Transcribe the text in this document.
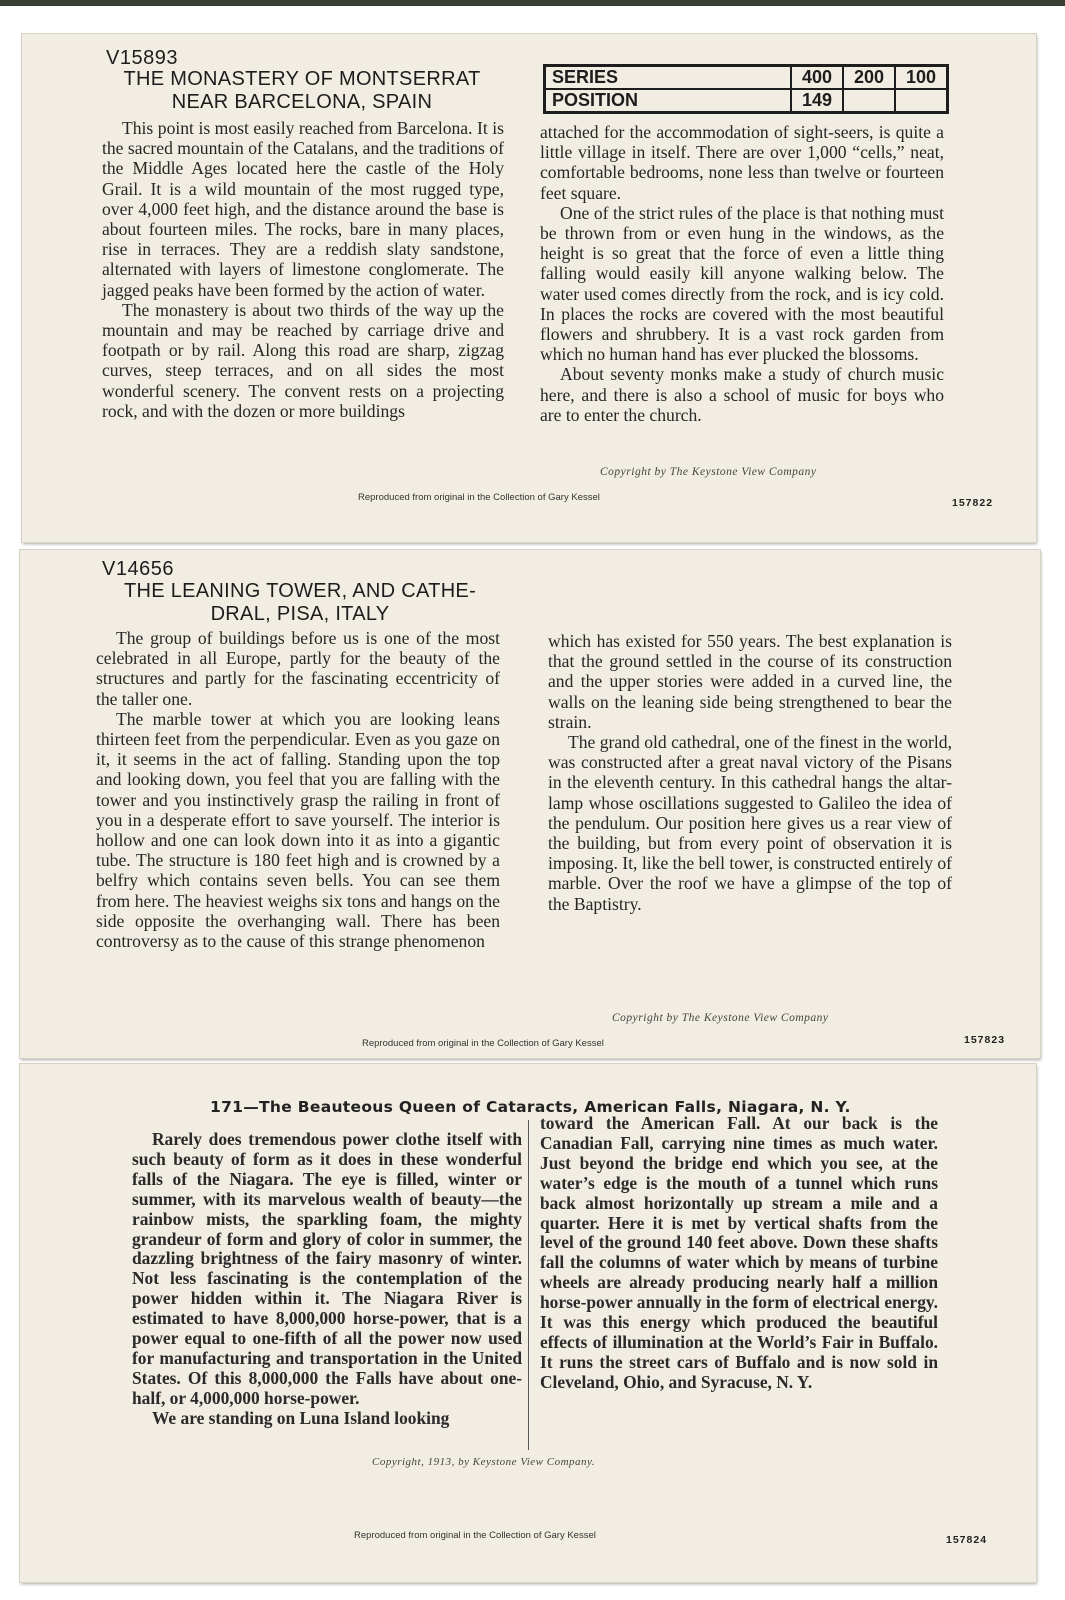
V15893
THE MONASTERY OF MONTSERRAT
NEAR BARCELONA, SPAIN
SERIES	400	200	100
POSITION	149		

This point is most easily reached from Barcelona. It is the sacred mountain of the Catalans, and the traditions of the Middle Ages located here the castle of the Holy Grail. It is a wild mountain of the most rugged type, over 4,000 feet high, and the distance around the base is about fourteen miles. The rocks, bare in many places, rise in terraces. They are a reddish slaty sandstone, alternated with layers of limestone conglomerate. The jagged peaks have been formed by the action of water.

The monastery is about two thirds of the way up the mountain and may be reached by carriage drive and footpath or by rail. Along this road are sharp, zigzag curves, steep terraces, and on all sides the most wonderful scenery. The convent rests on a projecting rock, and with the dozen or more buildings

attached for the accommodation of sight-seers, is quite a little village in itself. There are over 1,000 “cells,” neat, comfortable bedrooms, none less than twelve or fourteen feet square.

One of the strict rules of the place is that nothing must be thrown from or even hung in the windows, as the height is so great that the force of even a little thing falling would easily kill anyone walking below. The water used comes directly from the rock, and is icy cold. In places the rocks are covered with the most beautiful flowers and shrubbery. It is a vast rock garden from which no human hand has ever plucked the blossoms.

About seventy monks make a study of church music here, and there is also a school of music for boys who are to enter the church.

Copyright by The Keystone View Company
Reproduced from original in the Collection of Gary Kessel	157822
V14656
THE LEANING TOWER, AND CATHE-
DRAL, PISA, ITALY

The group of buildings before us is one of the most celebrated in all Europe, partly for the beauty of the structures and partly for the fascinating eccentricity of the taller one.

The marble tower at which you are looking leans thirteen feet from the perpendicular. Even as you gaze on it, it seems in the act of falling. Standing upon the top and looking down, you feel that you are falling with the tower and you instinctively grasp the railing in front of you in a desperate effort to save yourself. The interior is hollow and one can look down into it as into a gigantic tube. The structure is 180 feet high and is crowned by a belfry which contains seven bells. You can see them from here. The heaviest weighs six tons and hangs on the side opposite the overhanging wall. There has been controversy as to the cause of this strange phenomenon

which has existed for 550 years. The best explanation is that the ground settled in the course of its construction and the upper stories were added in a curved line, the walls on the leaning side being strengthened to bear the strain.

The grand old cathedral, one of the finest in the world, was constructed after a great naval victory of the Pisans in the eleventh century. In this cathedral hangs the altar-lamp whose oscillations suggested to Galileo the idea of the pendulum. Our position here gives us a rear view of the building, but from every point of observation it is imposing. It, like the bell tower, is constructed entirely of marble. Over the roof we have a glimpse of the top of the Baptistry.

Copyright by The Keystone View Company
Reproduced from original in the Collection of Gary Kessel	157823
171—The Beauteous Queen of Cataracts, American Falls, Niagara, N. Y.

Rarely does tremendous power clothe itself with such beauty of form as it does in these wonderful falls of the Niagara. The eye is filled, winter or summer, with its marvelous wealth of beauty—the rainbow mists, the sparkling foam, the mighty grandeur of form and glory of color in summer, the dazzling brightness of the fairy masonry of winter. Not less fascinating is the contemplation of the power hidden within it. The Niagara River is estimated to have 8,000,000 horse-power, that is a power equal to one-fifth of all the power now used for manufacturing and transportation in the United States. Of this 8,000,000 the Falls have about one-half, or 4,000,000 horse-power.

We are standing on Luna Island looking

toward the American Fall. At our back is the Canadian Fall, carrying nine times as much water. Just beyond the bridge end which you see, at the water’s edge is the mouth of a tunnel which runs back almost horizontally up stream a mile and a quarter. Here it is met by vertical shafts from the level of the ground 140 feet above. Down these shafts fall the columns of water which by means of turbine wheels are already producing nearly half a million horse-power annually in the form of electrical energy. It was this energy which produced the beautiful effects of illumination at the World’s Fair in Buffalo. It runs the street cars of Buffalo and is now sold in Cleveland, Ohio, and Syracuse, N. Y.

Copyright, 1913, by Keystone View Company.
Reproduced from original in the Collection of Gary Kessel	157824
